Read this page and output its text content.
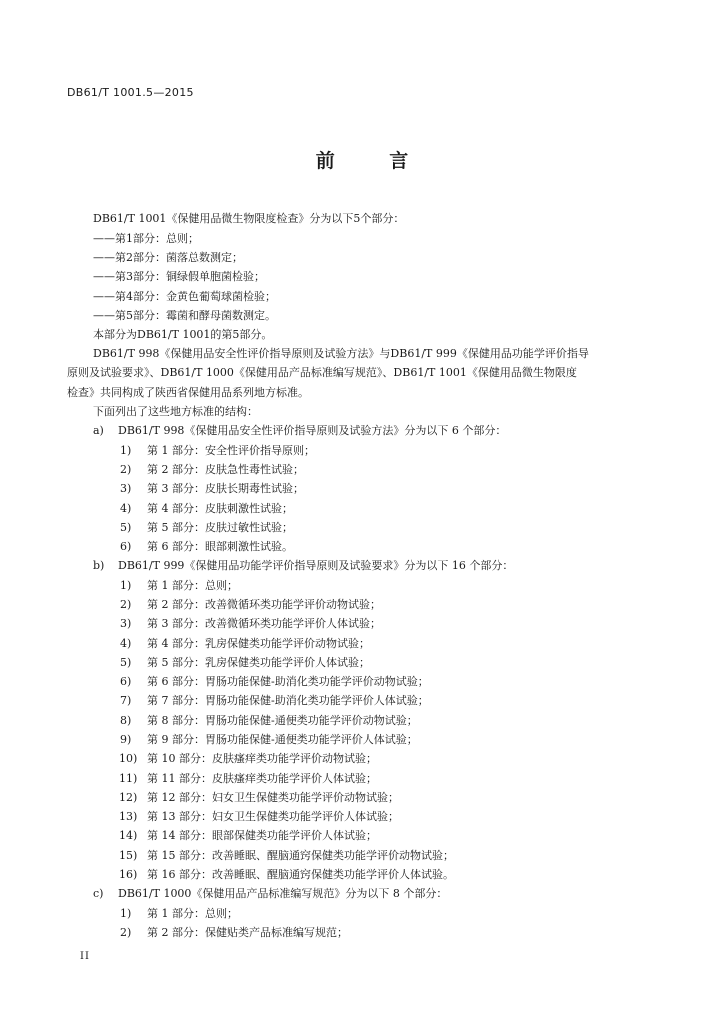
DB61/T 1001.5—2015
前 言
DB61/T 1001《保健用品微生物限度检查》分为以下5个部分：
——第1部分：总则；
——第2部分：菌落总数测定；
——第3部分：铜绿假单胞菌检验；
——第4部分：金黄色葡萄球菌检验；
——第5部分：霉菌和酵母菌数测定。
本部分为DB61/T 1001的第5部分。
DB61/T 998《保健用品安全性评价指导原则及试验方法》与DB61/T 999《保健用品功能学评价指导
原则及试验要求》、DB61/T 1000《保健用品产品标准编写规范》、DB61/T 1001《保健用品微生物限度
检查》共同构成了陕西省保健用品系列地方标准。
下面列出了这些地方标准的结构：
a) DB61/T 998《保健用品安全性评价指导原则及试验方法》分为以下 6 个部分：
1) 第 1 部分：安全性评价指导原则；
2) 第 2 部分：皮肤急性毒性试验；
3) 第 3 部分：皮肤长期毒性试验；
4) 第 4 部分：皮肤刺激性试验；
5) 第 5 部分：皮肤过敏性试验；
6) 第 6 部分：眼部刺激性试验。
b) DB61/T 999《保健用品功能学评价指导原则及试验要求》分为以下 16 个部分：
1) 第 1 部分：总则；
2) 第 2 部分：改善微循环类功能学评价动物试验；
3) 第 3 部分：改善微循环类功能学评价人体试验；
4) 第 4 部分：乳房保健类功能学评价动物试验；
5) 第 5 部分：乳房保健类功能学评价人体试验；
6) 第 6 部分：胃肠功能保健-助消化类功能学评价动物试验；
7) 第 7 部分：胃肠功能保健-助消化类功能学评价人体试验；
8) 第 8 部分：胃肠功能保健-通便类功能学评价动物试验；
9) 第 9 部分：胃肠功能保健-通便类功能学评价人体试验；
10) 第 10 部分：皮肤瘙痒类功能学评价动物试验；
11) 第 11 部分：皮肤瘙痒类功能学评价人体试验；
12) 第 12 部分：妇女卫生保健类功能学评价动物试验；
13) 第 13 部分：妇女卫生保健类功能学评价人体试验；
14) 第 14 部分：眼部保健类功能学评价人体试验；
15) 第 15 部分：改善睡眠、醒脑通窍保健类功能学评价动物试验；
16) 第 16 部分：改善睡眠、醒脑通窍保健类功能学评价人体试验。
c) DB61/T 1000《保健用品产品标准编写规范》分为以下 8 个部分：
1) 第 1 部分：总则；
2) 第 2 部分：保健贴类产品标准编写规范；
II
